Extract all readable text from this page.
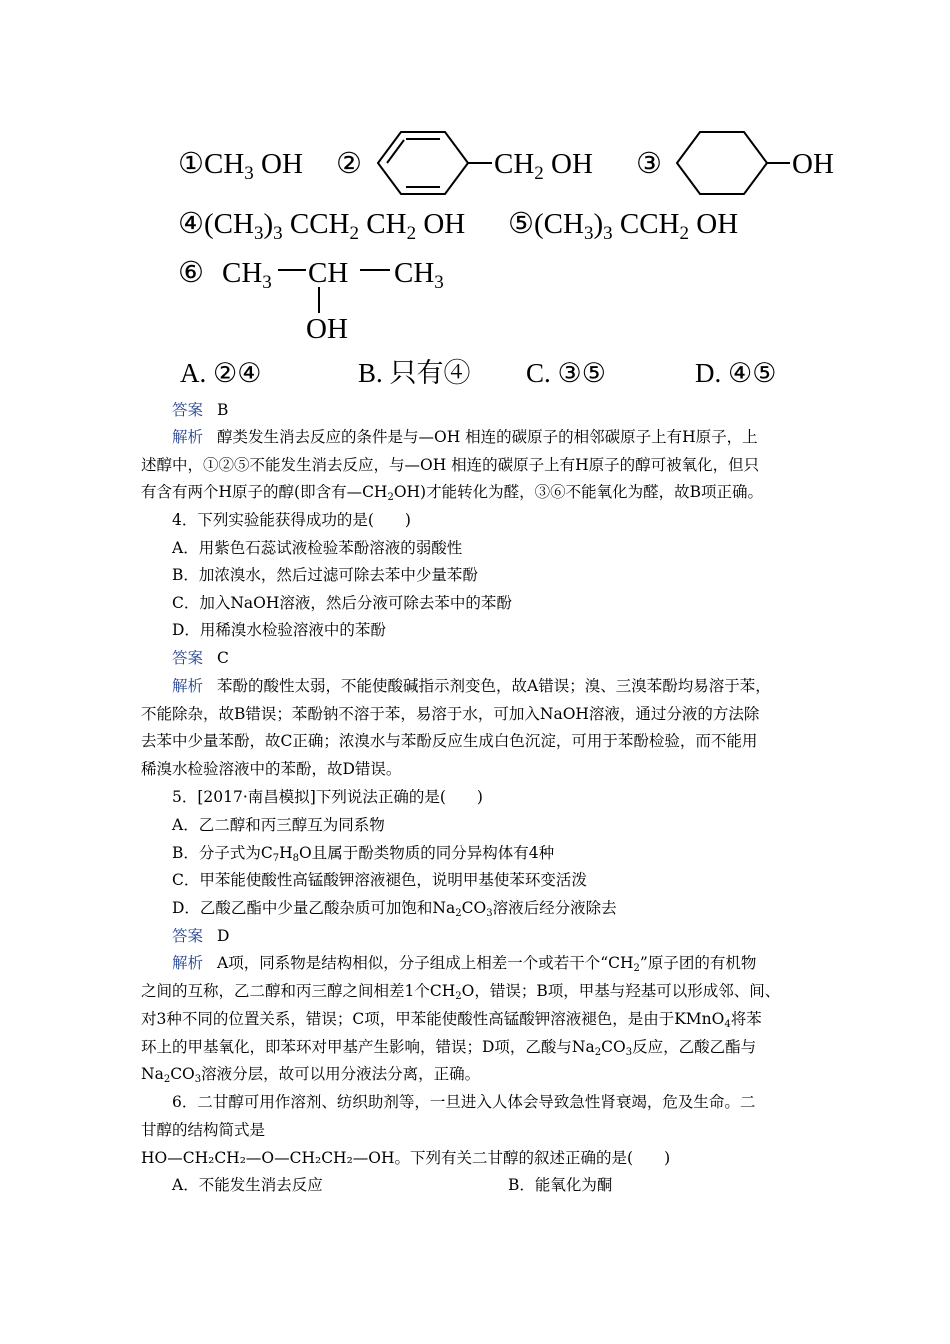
$①CH_3$ OH ②	$CH_2$ OH ③	OH
$④(CH_3)_3$ $CCH_2$ $CH_2$ OH $⑤(CH_3)_3$ $CCH_2$ OH
⑥ $CH_3$ CH $CH_3$
OH
A. ②④	B. 只有④ C. ③⑤	D. ④⑤
答案 B
解析 醇类发生消去反应的条件是与—OH 相连的碳原子的相邻碳原子上有H原子，上
述醇中，①②⑤不能发生消去反应，与—OH 相连的碳原子上有H原子的醇可被氧化，但只
有含有两个H原子的醇(即含有$—CH_2OH$)才能转化为醛，③⑥不能氧化为醛，故B项正确。
4．下列实验能获得成功的是(　　)
A．用紫色石蕊试液检验苯酚溶液的弱酸性
B．加浓溴水，然后过滤可除去苯中少量苯酚
C．加入NaOH溶液，然后分液可除去苯中的苯酚
D．用稀溴水检验溶液中的苯酚
答案 C
解析 苯酚的酸性太弱，不能使酸碱指示剂变色，故A错误；溴、三溴苯酚均易溶于苯，
不能除杂，故B错误；苯酚钠不溶于苯，易溶于水，可加入NaOH溶液，通过分液的方法除
去苯中少量苯酚，故C正确；浓溴水与苯酚反应生成白色沉淀，可用于苯酚检验，而不能用
稀溴水检验溶液中的苯酚，故D错误。
5．[2017·南昌模拟]下列说法正确的是(　　)
A．乙二醇和丙三醇互为同系物
B．分子式为$C_7H_8O$且属于酚类物质的同分异构体有4种
C．甲苯能使酸性高锰酸钾溶液褪色，说明甲基使苯环变活泼
D．乙酸乙酯中少量乙酸杂质可加饱和$Na_2CO_3$溶液后经分液除去
答案 D
解析 A项，同系物是结构相似，分子组成上相差一个或若干个“$CH_2$”原子团的有机物
之间的互称，乙二醇和丙三醇之间相差1个$CH_2O$，错误；B项，甲基与羟基可以形成邻、间、
对3种不同的位置关系，错误；C项，甲苯能使酸性高锰酸钾溶液褪色，是由于KMnO$_4$将苯
环上的甲基氧化，即苯环对甲基产生影响，错误；D项，乙酸与$Na_2CO_3$反应，乙酸乙酯与
$Na_2CO_3$溶液分层，故可以用分液法分离，正确。
6．二甘醇可用作溶剂、纺织助剂等，一旦进入人体会导致急性肾衰竭，危及生命。二
甘醇的结构简式是
HO—CH₂CH₂—O—CH₂CH₂—OH。下列有关二甘醇的叙述正确的是(　　)
A．不能发生消去反应	B．能氧化为酮
